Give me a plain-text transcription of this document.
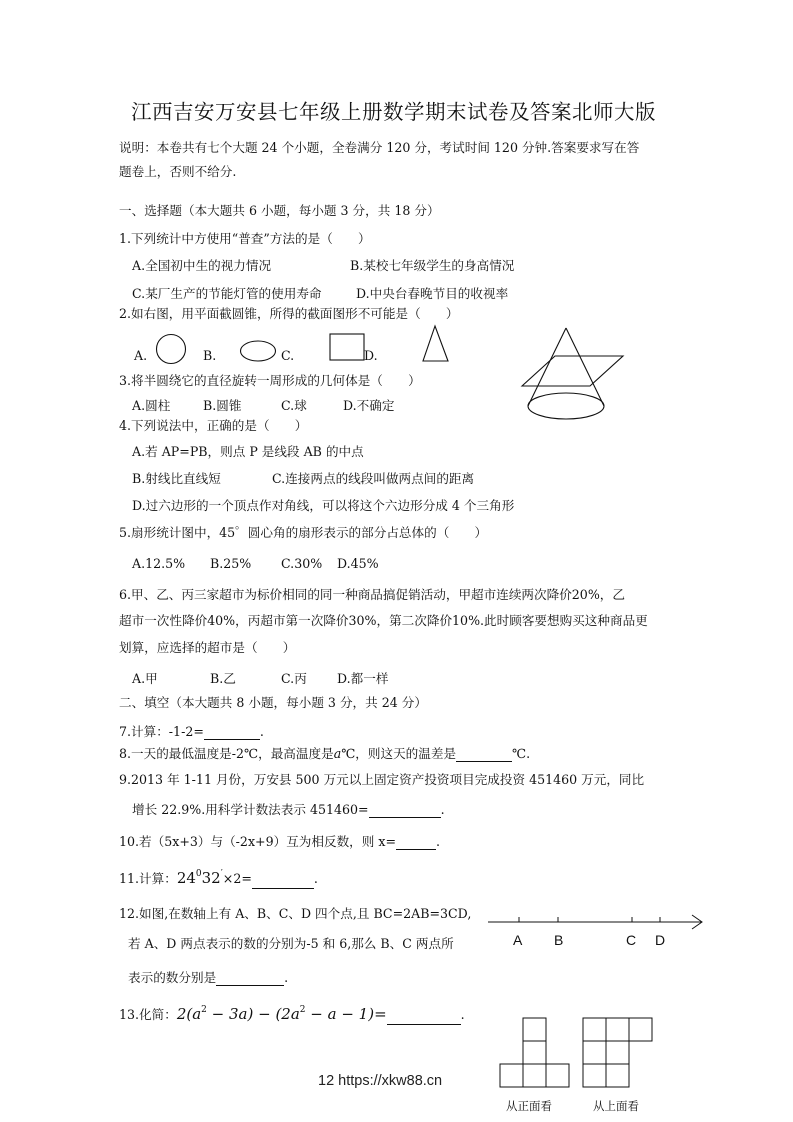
江西吉安万安县七年级上册数学期末试卷及答案北师大版
说明：本卷共有七个大题 24 个小题，全卷满分 120 分，考试时间 120 分钟.答案要求写在答
题卷上，否则不给分.
一、选择题（本大题共 6 小题，每小题 3 分，共 18 分）
1.下列统计中方使用“普查”方法的是（　　）
A.全国初中生的视力情况	B.某校七年级学生的身高情况
C.某厂生产的节能灯管的使用寿命	D.中央台春晚节目的收视率
2.如右图，用平面截圆锥，所得的截面图形不可能是（　　）
A.	B.	C.	D.
3.将半圆绕它的直径旋转一周形成的几何体是（　　）
A.圆柱	B.圆锥	C.球	D.不确定
4.下列说法中，正确的是（　　）
A.若 AP=PB，则点 P 是线段 AB 的中点
B.射线比直线短	C.连接两点的线段叫做两点间的距离
D.过六边形的一个顶点作对角线，可以将这个六边形分成 4 个三角形
5.扇形统计图中，45゜圆心角的扇形表示的部分占总体的（　　）
A.12.5% B.25% C.30% D.45%
6.甲、乙、丙三家超市为标价相同的同一种商品搞促销活动，甲超市连续两次降价20%，乙
超市一次性降价40%，丙超市第一次降价30%，第二次降价10%.此时顾客要想购买这种商品更
划算，应选择的超市是（　　）
A.甲	B.乙	C.丙 D.都一样
二、填空（本大题共 8 小题，每小题 3 分，共 24 分）
7.计算：-1-2=	.
8.一天的最低温度是-2℃，最高温度是a℃，则这天的温差是	℃.
9.2013 年 1-11 月份，万安县 500 万元以上固定资产投资项目完成投资 451460 万元，同比
增长 22.9%.用科学计数法表示 451460=	.
10.若（5x+3）与（-2x+9）互为相反数，则 x=	.
11.计算：$24^032'\times 2=$	.
12.如图,在数轴上有 A、B、C、D 四个点,且 BC=2AB=3CD,
若 A、D 两点表示的数的分别为-5 和 6,那么 B、C 两点所
表示的数分别是	.
A B	C D
13.化简：$2(a^2 - 3a) - (2a^2 - a - 1)=$	.
12 https://xkw88.cn
从正面看	从上面看
